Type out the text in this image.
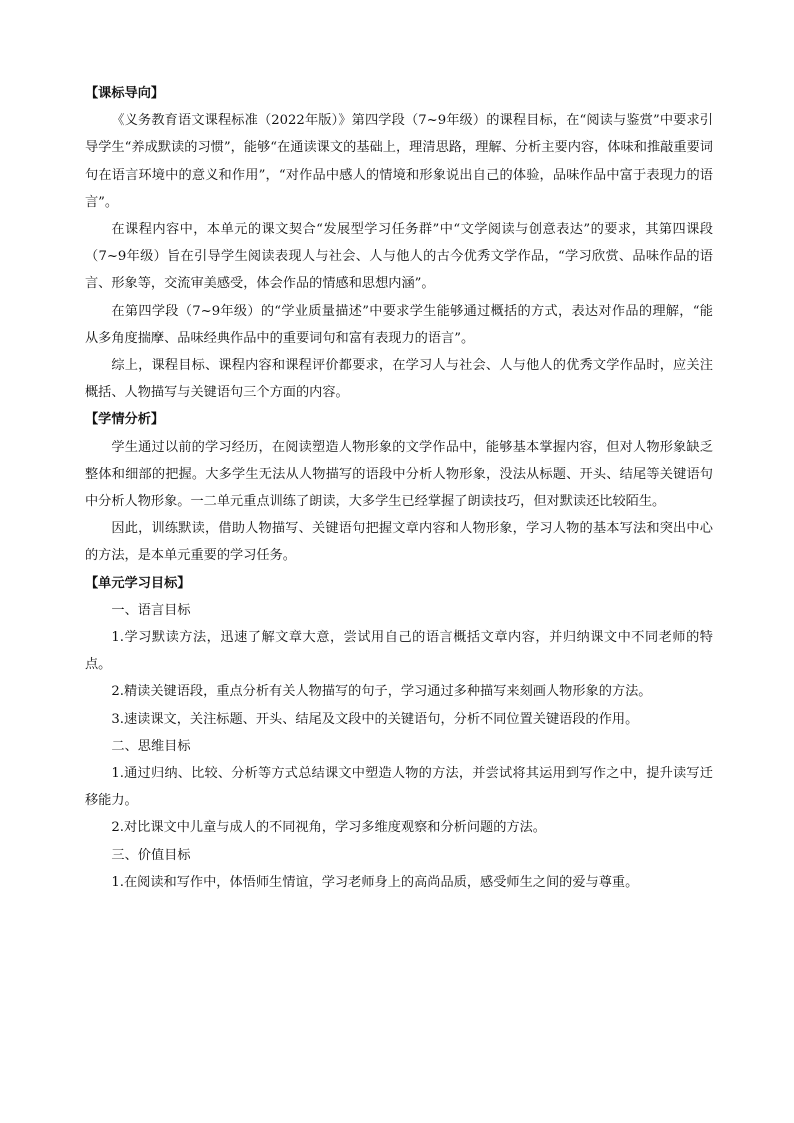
【课标导向】

《义务教育语文课程标准（2022年版）》第四学段（7~9年级）的课程目标，在“阅读与鉴赏”中要求引导学生“养成默读的习惯”，能够“在通读课文的基础上，理清思路，理解、分析主要内容，体味和推敲重要词句在语言环境中的意义和作用”，“对作品中感人的情境和形象说出自己的体验，品味作品中富于表现力的语言”。

在课程内容中，本单元的课文契合“发展型学习任务群”中“文学阅读与创意表达”的要求，其第四课段（7~9年级）旨在引导学生阅读表现人与社会、人与他人的古今优秀文学作品，“学习欣赏、品味作品的语言、形象等，交流审美感受，体会作品的情感和思想内涵”。

在第四学段（7~9年级）的“学业质量描述”中要求学生能够通过概括的方式，表达对作品的理解，“能从多角度揣摩、品味经典作品中的重要词句和富有表现力的语言”。

综上，课程目标、课程内容和课程评价都要求，在学习人与社会、人与他人的优秀文学作品时，应关注概括、人物描写与关键语句三个方面的内容。

【学情分析】

学生通过以前的学习经历，在阅读塑造人物形象的文学作品中，能够基本掌握内容，但对人物形象缺乏整体和细部的把握。大多学生无法从人物描写的语段中分析人物形象，没法从标题、开头、结尾等关键语句中分析人物形象。一二单元重点训练了朗读，大多学生已经掌握了朗读技巧，但对默读还比较陌生。

因此，训练默读，借助人物描写、关键语句把握文章内容和人物形象，学习人物的基本写法和突出中心的方法，是本单元重要的学习任务。

【单元学习目标】

一、语言目标

1.学习默读方法，迅速了解文章大意，尝试用自己的语言概括文章内容，并归纳课文中不同老师的特点。

2.精读关键语段，重点分析有关人物描写的句子，学习通过多种描写来刻画人物形象的方法。

3.速读课文，关注标题、开头、结尾及文段中的关键语句，分析不同位置关键语段的作用。

二、思维目标

1.通过归纳、比较、分析等方式总结课文中塑造人物的方法，并尝试将其运用到写作之中，提升读写迁移能力。

2.对比课文中儿童与成人的不同视角，学习多维度观察和分析问题的方法。

三、价值目标

1.在阅读和写作中，体悟师生情谊，学习老师身上的高尚品质，感受师生之间的爱与尊重。
